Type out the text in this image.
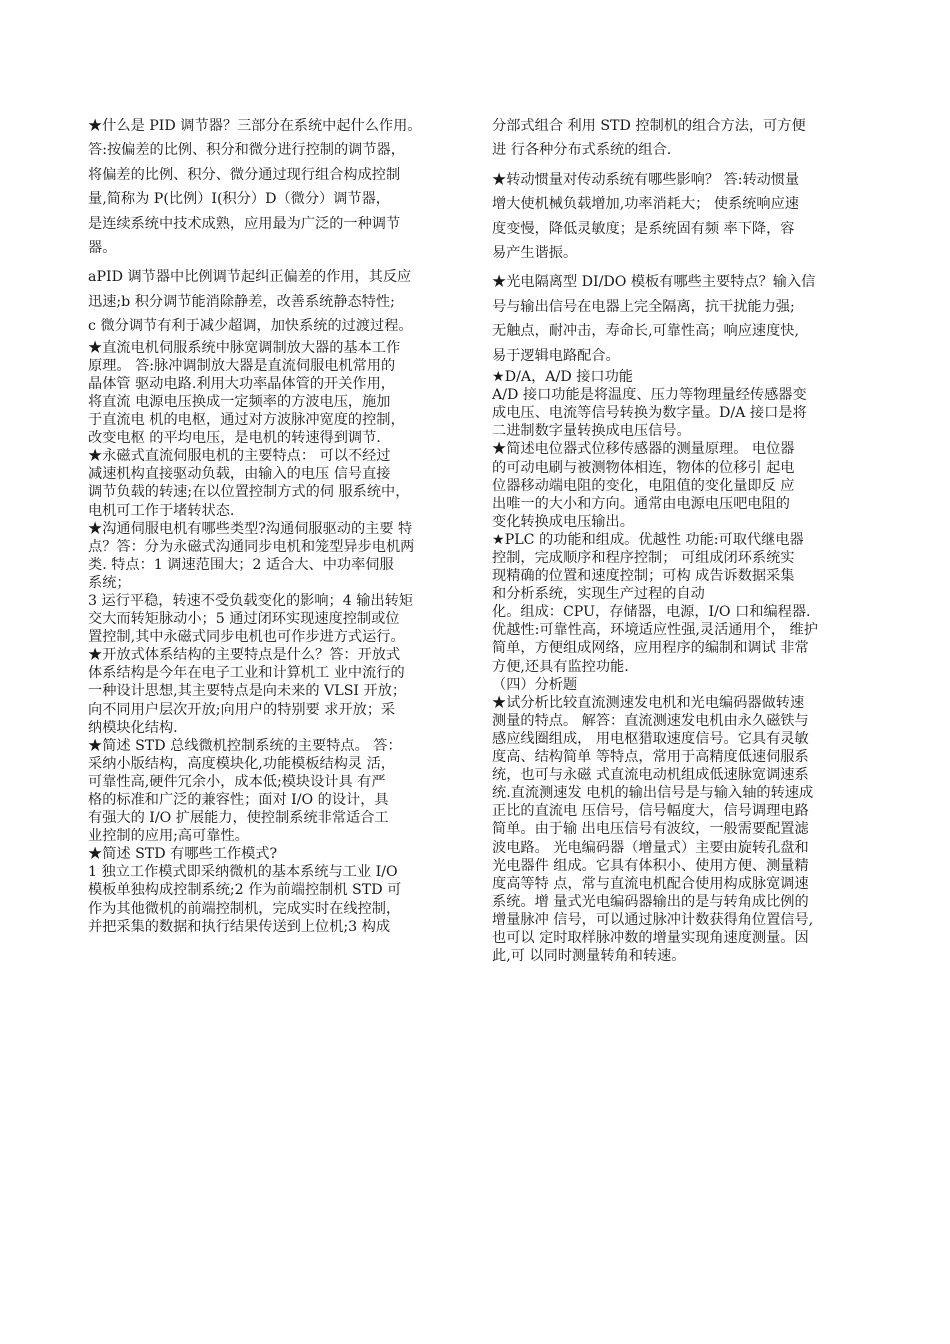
★什么是 PID 调节器？三部分在系统中起什么作用。
答:按偏差的比例、积分和微分进行控制的调节器，
将偏差的比例、积分、微分通过现行组合构成控制
量,简称为 P(比例）I(积分）D（微分）调节器，
是连续系统中技术成熟，应用最为广泛的一种调节
器。
aPID 调节器中比例调节起纠正偏差的作用，其反应
迅速;b 积分调节能消除静差，改善系统静态特性;
c 微分调节有利于减少超调，加快系统的过渡过程。
★直流电机伺服系统中脉宽调制放大器的基本工作
原理。 答:脉冲调制放大器是直流伺服电机常用的
晶体管 驱动电路.利用大功率晶体管的开关作用，
将直流 电源电压换成一定频率的方波电压，施加
于直流电 机的电枢，通过对方波脉冲宽度的控制，
改变电枢 的平均电压，是电机的转速得到调节.
★永磁式直流伺服电机的主要特点： 可以不经过
减速机构直接驱动负载，由输入的电压 信号直接
调节负载的转速;在以位置控制方式的伺 服系统中，
电机可工作于堵转状态.
★沟通伺服电机有哪些类型?沟通伺服驱动的主要 特
点？答：分为永磁式沟通同步电机和笼型异步电机两
类. 特点：1 调速范围大；2 适合大、中功率伺服
系统；
3 运行平稳，转速不受负载变化的影响；4 输出转矩
交大而转矩脉动小；5 通过闭环实现速度控制或位
置控制,其中永磁式同步电机也可作步进方式运行。
★开放式体系结构的主要特点是什么？答：开放式
体系结构是今年在电子工业和计算机工 业中流行的
一种设计思想,其主要特点是向未来的 VLSI 开放；
向不同用户层次开放;向用户的特别要 求开放；采
纳模块化结构.
★简述 STD 总线微机控制系统的主要特点。 答：
采纳小版结构，高度模块化,功能模板结构灵 活，
可靠性高,硬件冗余小，成本低;模块设计具 有严
格的标准和广泛的兼容性；面对 I/O 的设计，具
有强大的 I/O 扩展能力，使控制系统非常适合工
业控制的应用;高可靠性。
★简述 STD 有哪些工作模式?
1 独立工作模式即采纳微机的基本系统与工业 I/O
模板单独构成控制系统;2 作为前端控制机 STD 可
作为其他微机的前端控制机，完成实时在线控制，
并把采集的数据和执行结果传送到上位机;3 构成
分部式组合 利用 STD 控制机的组合方法，可方便
进 行各种分布式系统的组合.
★转动惯量对传动系统有哪些影响？ 答:转动惯量
增大使机械负载增加,功率消耗大； 使系统响应速
度变慢，降低灵敏度；是系统固有频 率下降，容
易产生谐振。
★光电隔离型 DI/DO 模板有哪些主要特点？输入信
号与输出信号在电器上完全隔离，抗干扰能力强;
无触点，耐冲击，寿命长,可靠性高；响应速度快,
易于逻辑电路配合。
★D/A，A/D 接口功能
A/D 接口功能是将温度、压力等物理量经传感器变
成电压、电流等信号转换为数字量。D/A 接口是将
二进制数字量转换成电压信号。
★简述电位器式位移传感器的测量原理。 电位器
的可动电刷与被测物体相连，物体的位移引 起电
位器移动端电阻的变化，电阻值的变化量即反 应
出唯一的大小和方向。通常由电源电压吧电阻的
变化转换成电压输出。
★PLC 的功能和组成。优越性 功能:可取代继电器
控制，完成顺序和程序控制； 可组成闭环系统实
现精确的位置和速度控制；可构 成告诉数据采集
和分析系统，实现生产过程的自动
化。组成：CPU，存储器，电源，I/O 口和编程器.
优越性:可靠性高，环境适应性强,灵活通用个， 维护
简单，方便组成网络，应用程序的编制和调试 非常
方便,还具有监控功能.
（四）分析题
★试分析比较直流测速发电机和光电编码器做转速
测量的特点。 解答：直流测速发电机由永久磁铁与
感应线圈组成， 用电枢猎取速度信号。它具有灵敏
度高、结构简单 等特点，常用于高精度低速伺服系
统，也可与永磁 式直流电动机组成低速脉宽调速系
统.直流测速发 电机的输出信号是与输入轴的转速成
正比的直流电 压信号，信号幅度大，信号调理电路
简单。由于输 出电压信号有波纹，一般需要配置滤
波电路。 光电编码器（增量式）主要由旋转孔盘和
光电器件 组成。它具有体积小、使用方便、测量精
度高等特 点，常与直流电机配合使用构成脉宽调速
系统。增 量式光电编码器输出的是与转角成比例的
增量脉冲 信号，可以通过脉冲计数获得角位置信号,
也可以 定时取样脉冲数的增量实现角速度测量。因
此,可 以同时测量转角和转速。
